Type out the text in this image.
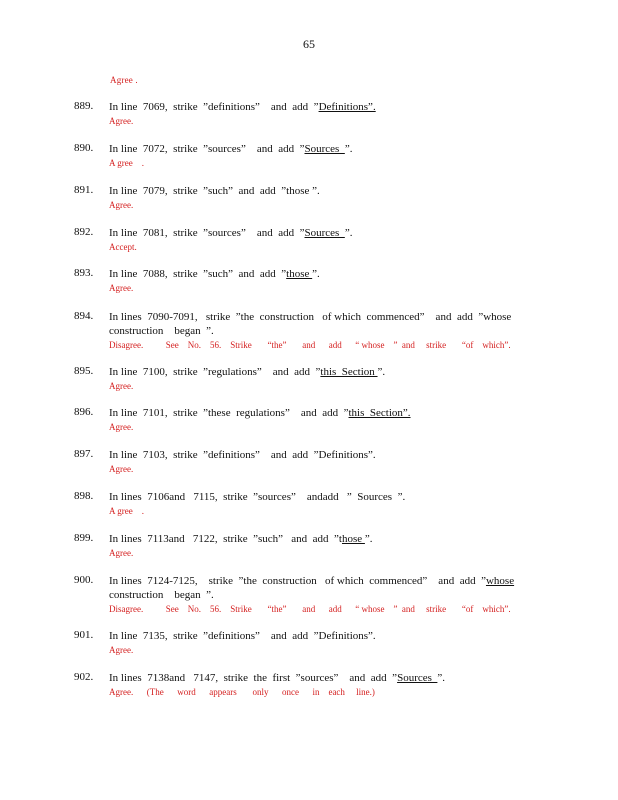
65
Agree .
889. In line  7069,  strike  ”definitions”    and  add  ”Definitions”.
Agree.
890. In line  7072,  strike  ”sources”    and  add  ”Sources  ”.
A gree    .
891. In line  7079,  strike  ”such”  and  add  ”those ”.
Agree.
892. In line  7081,  strike  ”sources”    and  add  ”Sources  ”.
Accept.
893. In line  7088,  strike  ”such”  and  add  ”those ”.
Agree.
894. In lines  7090-7091,   strike  ”the  construction   of which  commenced”    and  add  ”whose
construction    began  ”.
Disagree.          See    No.    56.    Strike       “the”       and      add      “ whose    ”  and     strike       “of    which”.
895. In line  7100,  strike  ”regulations”    and  add  ”this  Section ”.
Agree.
896. In line  7101,  strike  ”these  regulations”    and  add  ”this  Section”.
Agree.
897. In line  7103,  strike  ”definitions”    and  add  ”Definitions”.
Agree.
898. In lines  7106and   7115,  strike  ”sources”    andadd   ”  Sources  ”.
A gree    .
899. In lines  7113and   7122,  strike  ”such”   and  add  ”those ”.
Agree.
900. In lines  7124-7125,    strike  ”the  construction   of which  commenced”    and  add  ”whose
construction    began  ”.
Disagree.          See    No.    56.    Strike       “the”       and      add      “ whose    ”  and     strike       “of    which”.
901. In line  7135,  strike  ”definitions”    and  add  ”Definitions”.
Agree.
902. In lines  7138and   7147,  strike  the  first  ”sources”    and  add  ”Sources  ”.
Agree.      (The      word      appears       only      once      in    each     line.)
